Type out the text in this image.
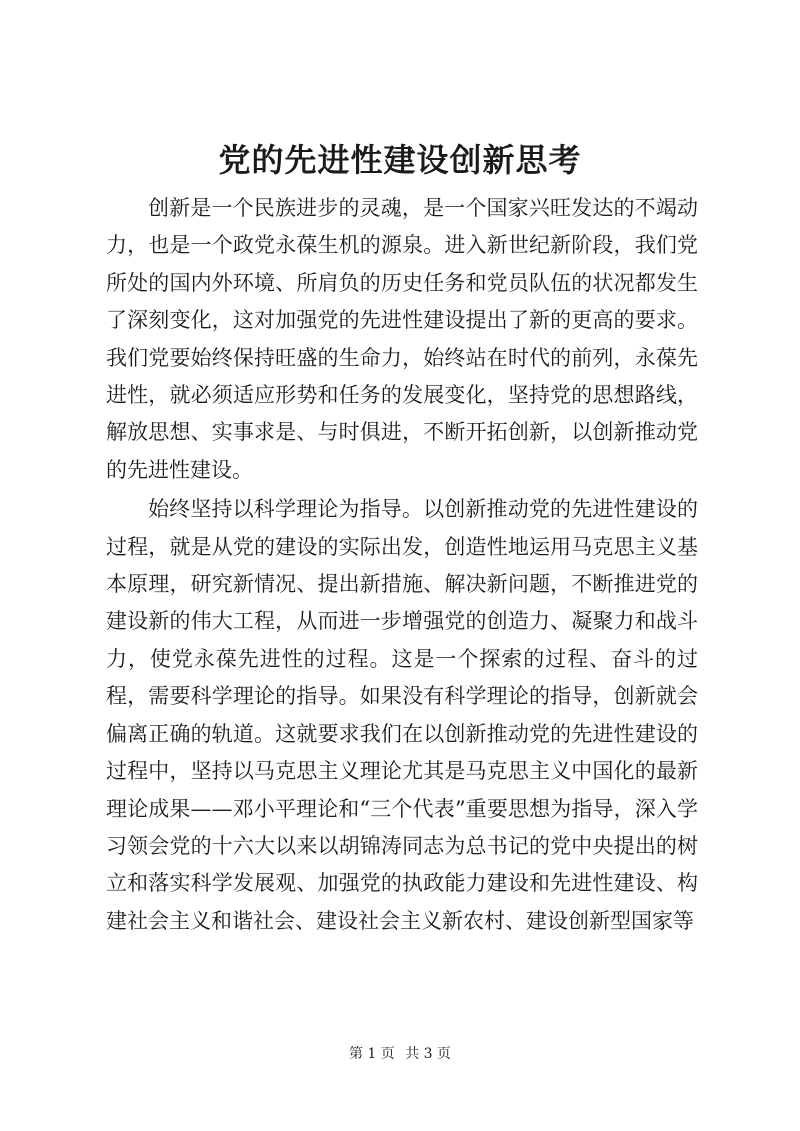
党的先进性建设创新思考

创新是一个民族进步的灵魂，是一个国家兴旺发达的不竭动力，也是一个政党永葆生机的源泉。进入新世纪新阶段，我们党所处的国内外环境、所肩负的历史任务和党员队伍的状况都发生了深刻变化，这对加强党的先进性建设提出了新的更高的要求。我们党要始终保持旺盛的生命力，始终站在时代的前列，永葆先进性，就必须适应形势和任务的发展变化，坚持党的思想路线，解放思想、实事求是、与时俱进，不断开拓创新，以创新推动党的先进性建设。

始终坚持以科学理论为指导。以创新推动党的先进性建设的过程，就是从党的建设的实际出发，创造性地运用马克思主义基本原理，研究新情况、提出新措施、解决新问题，不断推进党的建设新的伟大工程，从而进一步增强党的创造力、凝聚力和战斗力，使党永葆先进性的过程。这是一个探索的过程、奋斗的过程，需要科学理论的指导。如果没有科学理论的指导，创新就会偏离正确的轨道。这就要求我们在以创新推动党的先进性建设的过程中，坚持以马克思主义理论尤其是马克思主义中国化的最新理论成果——邓小平理论和“三个代表”重要思想为指导，深入学习领会党的十六大以来以胡锦涛同志为总书记的党中央提出的树立和落实科学发展观、加强党的执政能力建设和先进性建设、构建社会主义和谐社会、建设社会主义新农村、建设创新型国家等

第 1 页 共 3 页
